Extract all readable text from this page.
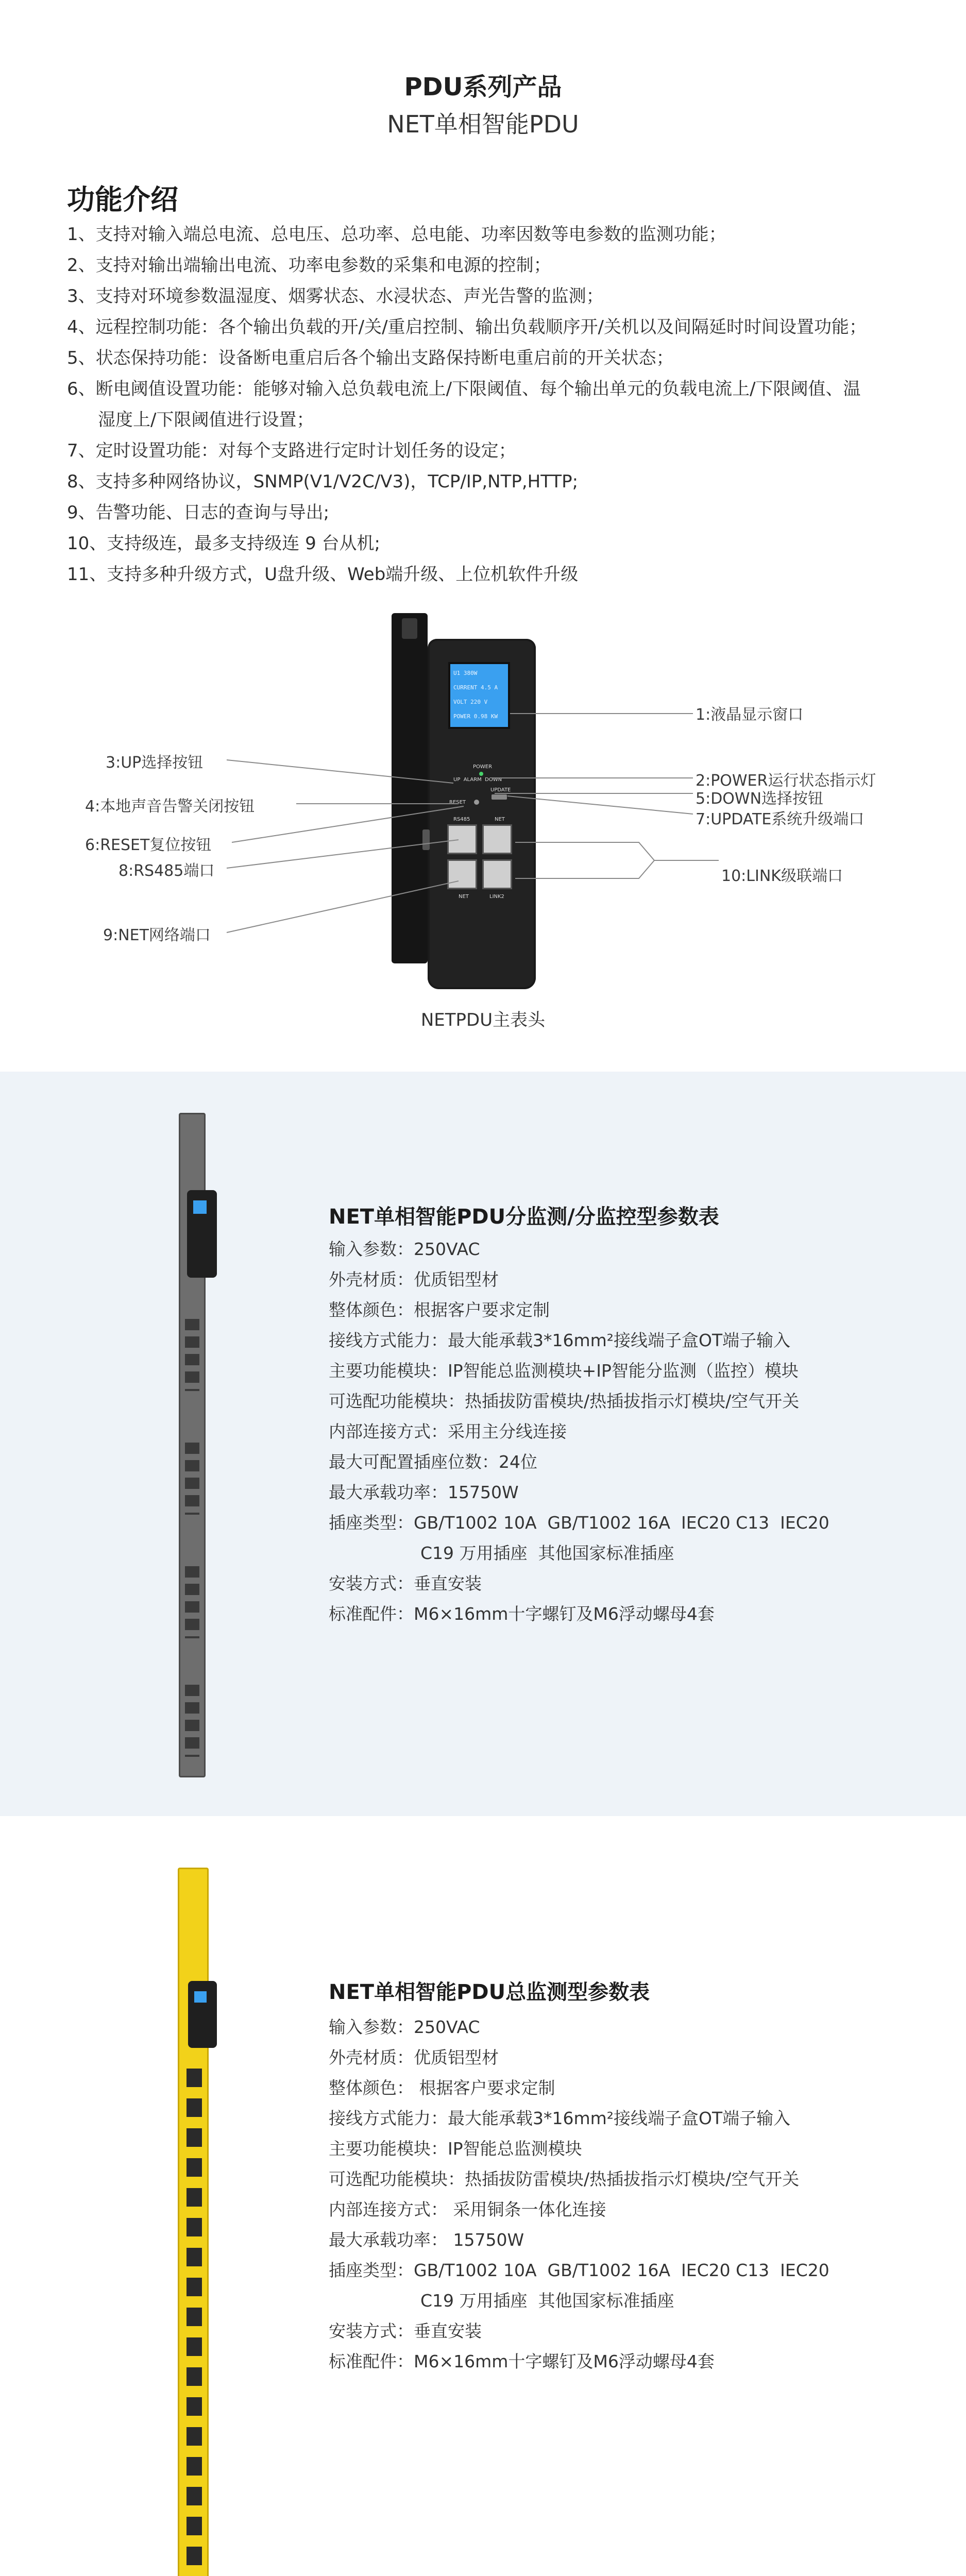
PDU系列产品
NET单相智能PDU
功能介绍
1、支持对输入端总电流、总电压、总功率、总电能、功率因数等电参数的监测功能；
2、支持对输出端输出电流、功率电参数的采集和电源的控制；
3、支持对环境参数温湿度、烟雾状态、水浸状态、声光告警的监测；
4、远程控制功能：各个输出负载的开/关/重启控制、输出负载顺序开/关机以及间隔延时时间设置功能；
5、状态保持功能：设备断电重启后各个输出支路保持断电重启前的开关状态；
6、断电阈值设置功能：能够对输入总负载电流上/下限阈值、每个输出单元的负载电流上/下限阈值、温
湿度上/下限阈值进行设置；
7、定时设置功能：对每个支路进行定时计划任务的设定；
8、支持多种网络协议，SNMP(V1/V2C/V3)，TCP/IP,NTP,HTTP;
9、告警功能、日志的查询与导出;
10、支持级连，最多支持级连 9 台从机;
11、支持多种升级方式，U盘升级、Web端升级、上位机软件升级
U1 380W
CURRENT 4.5 A
VOLT 220 V
POWER 0.98 KW
POWER
UP  ALARM  DOWN
UPDATE
RESET
RS485	NET
NET	LINK2
1:液晶显示窗口
2:POWER运行状态指示灯
3:UP选择按钮
4:本地声音告警关闭按钮	5:DOWN选择按钮
6:RESET复位按钮
7:UPDATE系统升级端口
8:RS485端口
9:NET网络端口
10:LINK级联端口
NETPDU主表头
NET单相智能PDU分监测/分监控型参数表
输入参数： 250VAC
外壳材质： 优质铝型材
整体颜色： 根据客户要求定制
接线方式能力： 最大能承载3*16mm²接线端子盒OT端子输入
主要功能模块： IP智能总监测模块+IP智能分监测（监控）模块
可选配功能模块： 热插拔防雷模块/热插拔指示灯模块/空气开关
内部连接方式： 采用主分线连接
最大可配置插座位数： 24位
最大承载功率： 15750W
插座类型： GB/T1002 10A  GB/T1002 16A  IEC20 C13  IEC20
C19 万用插座  其他国家标准插座
安装方式： 垂直安装
标准配件： M6×16mm十字螺钉及M6浮动螺母4套
NET单相智能PDU总监测型参数表
输入参数： 250VAC
外壳材质： 优质铝型材
整体颜色： 根据客户要求定制
接线方式能力： 最大能承载3*16mm²接线端子盒OT端子输入
主要功能模块： IP智能总监测模块
可选配功能模块： 热插拔防雷模块/热插拔指示灯模块/空气开关
内部连接方式： 采用铜条一体化连接
最大承载功率： 15750W
插座类型： GB/T1002 10A  GB/T1002 16A  IEC20 C13  IEC20
C19 万用插座  其他国家标准插座
安装方式： 垂直安装
标准配件： M6×16mm十字螺钉及M6浮动螺母4套
